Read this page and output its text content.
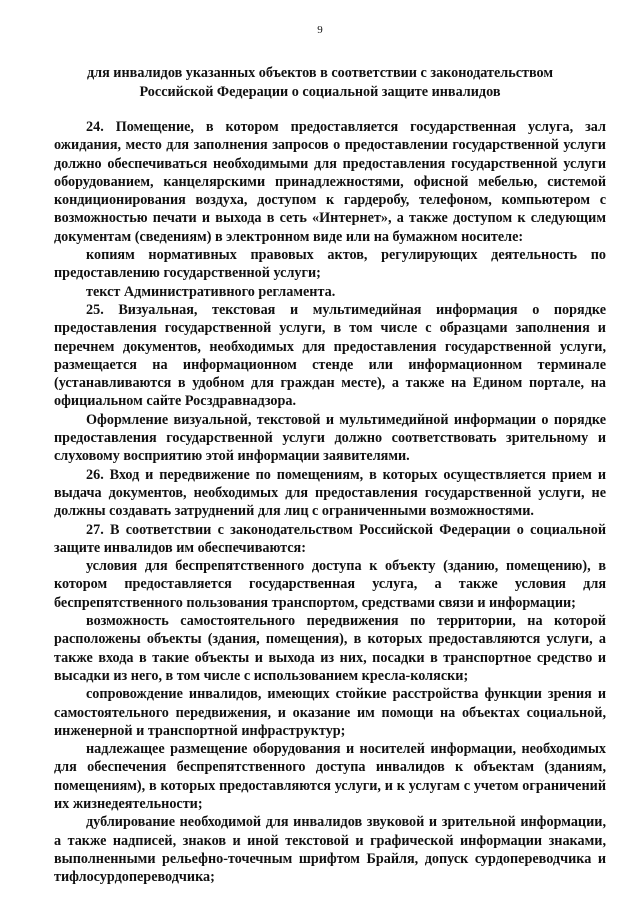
9
для инвалидов указанных объектов в соответствии с законодательством Российской Федерации о социальной защите инвалидов

24. Помещение, в котором предоставляется государственная услуга, зал ожидания, место для заполнения запросов о предоставлении государственной услуги должно обеспечиваться необходимыми для предоставления государственной услуги оборудованием, канцелярскими принадлежностями, офисной мебелью, системой кондиционирования воздуха, доступом к гардеробу, телефоном, компьютером с возможностью печати и выхода в сеть «Интернет», а также доступом к следующим документам (сведениям) в электронном виде или на бумажном носителе:

копиям нормативных правовых актов, регулирующих деятельность по предоставлению государственной услуги;

текст Административного регламента.

25. Визуальная, текстовая и мультимедийная информация о порядке предоставления государственной услуги, в том числе с образцами заполнения и перечнем документов, необходимых для предоставления государственной услуги, размещается на информационном стенде или информационном терминале (устанавливаются в удобном для граждан месте), а также на Едином портале, на официальном сайте Росздравнадзора.

Оформление визуальной, текстовой и мультимедийной информации о порядке предоставления государственной услуги должно соответствовать зрительному и слуховому восприятию этой информации заявителями.

26. Вход и передвижение по помещениям, в которых осуществляется прием и выдача документов, необходимых для предоставления государственной услуги, не должны создавать затруднений для лиц с ограниченными возможностями.

27. В соответствии с законодательством Российской Федерации о социальной защите инвалидов им обеспечиваются:

условия для беспрепятственного доступа к объекту (зданию, помещению), в котором предоставляется государственная услуга, а также условия для беспрепятственного пользования транспортом, средствами связи и информации;

возможность самостоятельного передвижения по территории, на которой расположены объекты (здания, помещения), в которых предоставляются услуги, а также входа в такие объекты и выхода из них, посадки в транспортное средство и высадки из него, в том числе с использованием кресла-коляски;

сопровождение инвалидов, имеющих стойкие расстройства функции зрения и самостоятельного передвижения, и оказание им помощи на объектах социальной, инженерной и транспортной инфраструктур;

надлежащее размещение оборудования и носителей информации, необходимых для обеспечения беспрепятственного доступа инвалидов к объектам (зданиям, помещениям), в которых предоставляются услуги, и к услугам с учетом ограничений их жизнедеятельности;

дублирование необходимой для инвалидов звуковой и зрительной информации, а также надписей, знаков и иной текстовой и графической информации знаками, выполненными рельефно-точечным шрифтом Брайля, допуск сурдопереводчика и тифлосурдопереводчика;
